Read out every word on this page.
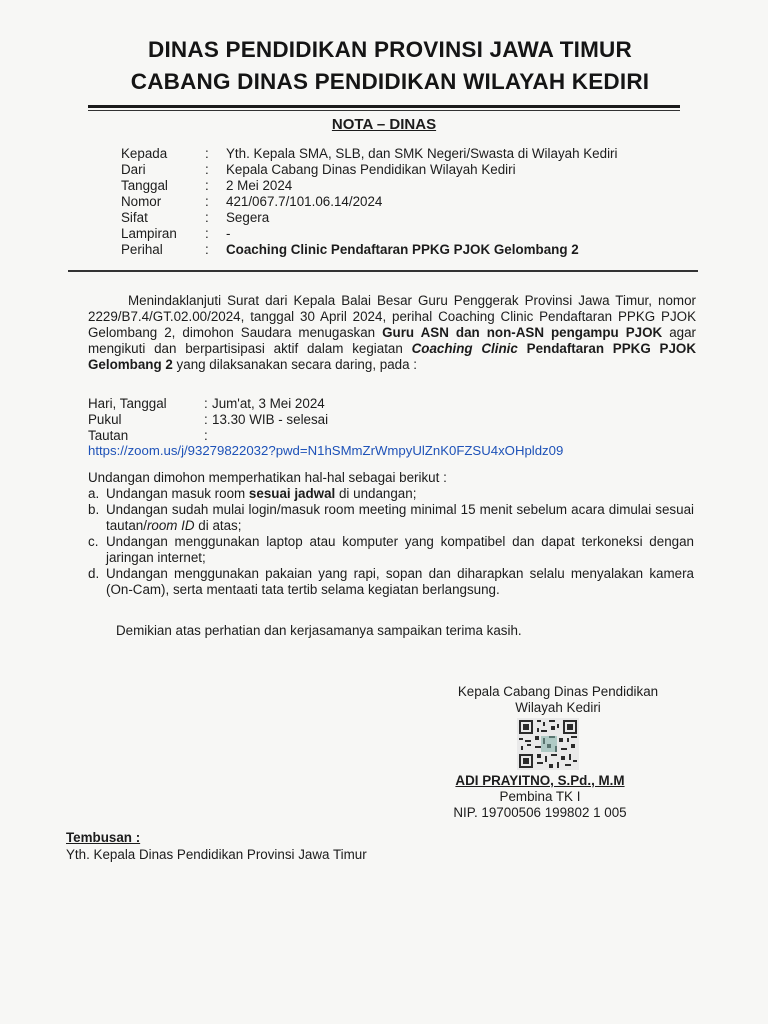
DINAS PENDIDIKAN PROVINSI JAWA TIMUR
CABANG DINAS PENDIDIKAN WILAYAH KEDIRI
NOTA – DINAS
Kepada	: Yth. Kepala SMA, SLB, dan SMK Negeri/Swasta di Wilayah Kediri
Dari	: Kepala Cabang Dinas Pendidikan Wilayah Kediri
Tanggal	: 2 Mei 2024
Nomor	: 421/067.7/101.06.14/2024
Sifat	: Segera
Lampiran : -
Perihal	: Coaching Clinic Pendaftaran PPKG PJOK Gelombang 2
Menindaklanjuti Surat dari Kepala Balai Besar Guru Penggerak Provinsi Jawa Timur, nomor 2229/B7.4/GT.02.00/2024, tanggal 30 April 2024, perihal Coaching Clinic Pendaftaran PPKG PJOK Gelombang 2, dimohon Saudara menugaskan Guru ASN dan non-ASN pengampu PJOK agar mengikuti dan berpartisipasi aktif dalam kegiatan Coaching Clinic Pendaftaran PPKG PJOK Gelombang 2 yang dilaksanakan secara daring, pada :
Hari, Tanggal	: Jum'at, 3 Mei 2024
Pukul	: 13.30 WIB - selesai
Tautan	:
https://zoom.us/j/93279822032?pwd=N1hSMmZrWmpyUlZnK0FZSU4xOHpldz09
Undangan dimohon memperhatikan hal-hal sebagai berikut :
a. Undangan masuk room sesuai jadwal di undangan;
b. Undangan sudah mulai login/masuk room meeting minimal 15 menit sebelum acara dimulai sesuai tautan/room ID di atas;
c. Undangan menggunakan laptop atau komputer yang kompatibel dan dapat terkoneksi dengan jaringan internet;
d. Undangan menggunakan pakaian yang rapi, sopan dan diharapkan selalu menyalakan kamera (On-Cam), serta mentaati tata tertib selama kegiatan berlangsung.
Demikian atas perhatian dan kerjasamanya sampaikan terima kasih.
Kepala Cabang Dinas Pendidikan
Wilayah Kediri
ADI PRAYITNO, S.Pd., M.M
Pembina TK I
NIP. 19700506 199802 1 005
Tembusan :
Yth. Kepala Dinas Pendidikan Provinsi Jawa Timur
